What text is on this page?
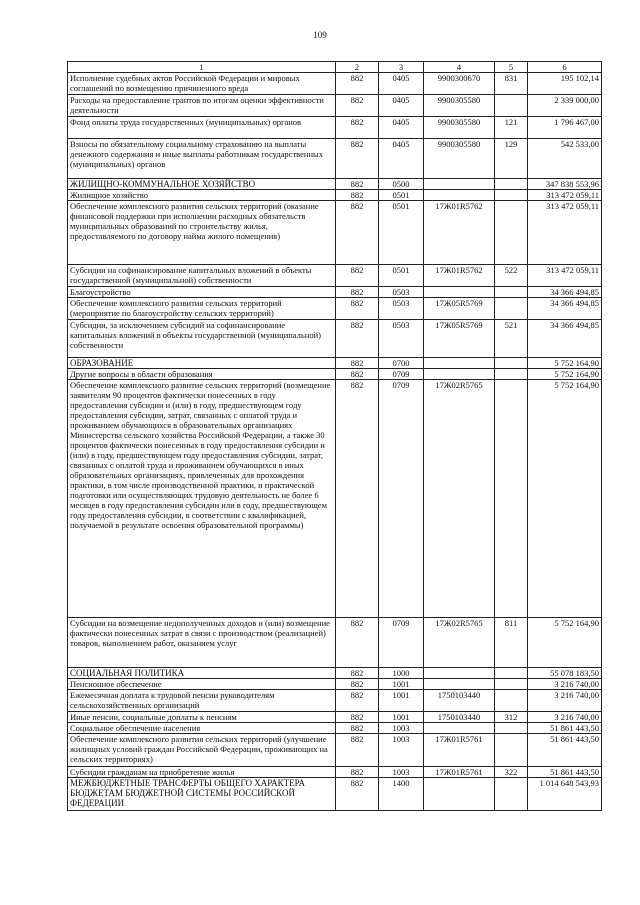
109
1	2	3	4	5	6
Исполнение судебных актов Российской Федерации и мировых соглашений по возмещению причиненного вреда	882	0405	9900300670	831	195 102,14
Расходы на предоставление грантов по итогам оценки эффективности деятельности	882	0405	9900305580		2 339 000,00
Фонд оплаты труда государственных (муниципальных) органов	882	0405	9900305580	121	1 796 467,00
Взносы по обязательному социальному страхованию на выплаты денежного содержания и иные выплаты работникам государственных (муниципальных) органов	882	0405	9900305580	129	542 533,00
ЖИЛИЩНО-КОММУНАЛЬНОЕ ХОЗЯЙСТВО	882	0500			347 838 553,96
Жилищное хозяйство	882	0501			313 472 059,11
Обеспечение комплексного развития сельских территорий (оказание финансовой поддержки при исполнении расходных обязательств муниципальных образований по строительству жилья, предоставляемого по договору найма жилого помещения)	882	0501	17Ж01R5762		313 472 059,11
Субсидии на софинансирование капитальных вложений в объекты государственной (муниципальной) собственности	882	0501	17Ж01R5762	522	313 472 059,11
Благоустройство	882	0503			34 366 494,85
Обеспечение комплексного развития сельских территорий (мероприятие по благоустройству сельских территорий)	882	0503	17Ж05R5769		34 366 494,85
Субсидии, за исключением субсидий на софинансирование капитальных вложений в объекты государственной (муниципальной) собственности	882	0503	17Ж05R5769	521	34 366 494,85
ОБРАЗОВАНИЕ	882	0700			5 752 164,90
Другие вопросы в области образования	882	0709			5 752 164,90
Обеспечение комплексного развитие сельских территорий (возмещение заявителям 90 процентов фактически понесенных в году предоставления субсидии и (или) в году, предшествующем году предоставления субсидии, затрат, связанных с оплатой труда и проживанием обучающихся в образовательных организациях Министерства сельского хозяйства Российской Федерации, а также 30 процентов фактически понесенных в году предоставления субсидии и (или) в году, предшествующем году предоставления субсидии, затрат, связанных с оплатой труда и проживанием обучающихся в иных образовательных организациях, привлеченных для прохождения практики, в том числе производственной практики, и практической подготовки или осуществляющих трудовую деятельность не более 6 месяцев в году предоставления субсидии или в году, предшествующем году предоставления субсидии, в соответствии с квалификацией, получаемой в результате освоения образовательной программы)	882	0709	17Ж02R5765		5 752 164,90
Субсидии на возмещение недополученных доходов и (или) возмещение фактически понесенных затрат в связи с производством (реализацией) товаров, выполнением работ, оказанием услуг	882	0709	17Ж02R5765	811	5 752 164,90
СОЦИАЛЬНАЯ ПОЛИТИКА	882	1000			55 078 183,50
Пенсионное обеспечение	882	1001			3 216 740,00
Ежемесячная доплата к трудовой пенсии руководителям сельскохозяйственных организаций	882	1001	1750103440		3 216 740,00
Иные пенсии, социальные доплаты к пенсиям	882	1001	1750103440	312	3 216 740,00
Социальное обеспечение населения	882	1003			51 861 443,50
Обеспечение комплексного развития сельских территорий (улучшение жилищных условий граждан Российской Федерации, проживающих на сельских территориях)	882	1003	17Ж01R5761		51 861 443,50
Субсидии гражданам на приобретение жилья	882	1003	17Ж01R5761	322	51 861 443,50
МЕЖБЮДЖЕТНЫЕ ТРАНСФЕРТЫ ОБЩЕГО ХАРАКТЕРА БЮДЖЕТАМ БЮДЖЕТНОЙ СИСТЕМЫ РОССИЙСКОЙ ФЕДЕРАЦИИ	882	1400			1 014 648 543,93
